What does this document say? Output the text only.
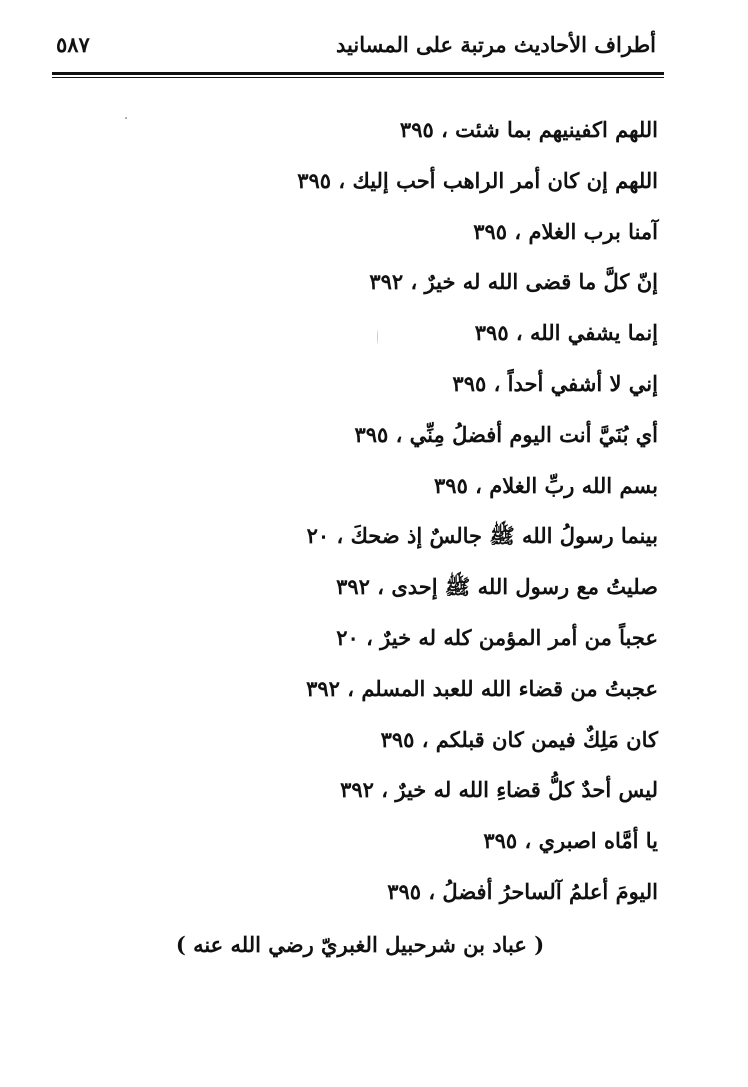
أطراف الأحاديث مرتبة على المسانيد
٥٨٧
اللهم اكفينيهم بما شئت ، ٣٩٥
اللهم إن كان أمر الراهب أحب إليك ، ٣٩٥
آمنا برب الغلام ، ٣٩٥
إنّ كلَّ ما قضى الله له خيرٌ ، ٣٩٢
إنما يشفي الله ، ٣٩٥
إني لا أشفي أحداً ، ٣٩٥
أي بُنَيَّ أنت اليوم أفضلُ مِنِّي ، ٣٩٥
بسم الله ربِّ الغلام ، ٣٩٥
بينما رسولُ الله ﷺ جالسٌ إذ ضحكَ ، ٢٠
صليتُ مع رسول الله ﷺ إحدى ، ٣٩٢
عجباً من أمر المؤمن كله له خيرٌ ، ٢٠
عجبتُ من قضاء الله للعبد المسلم ، ٣٩٢
كان مَلِكٌ فيمن كان قبلكم ، ٣٩٥
ليس أحدٌ كلُّ قضاءِ الله له خيرٌ ، ٣٩٢
يا أمَّاه اصبري ، ٣٩٥
اليومَ أعلمُ آلساحرُ أفضلُ ، ٣٩٥
( عباد بن شرحبيل الغبريّ رضي الله عنه )
